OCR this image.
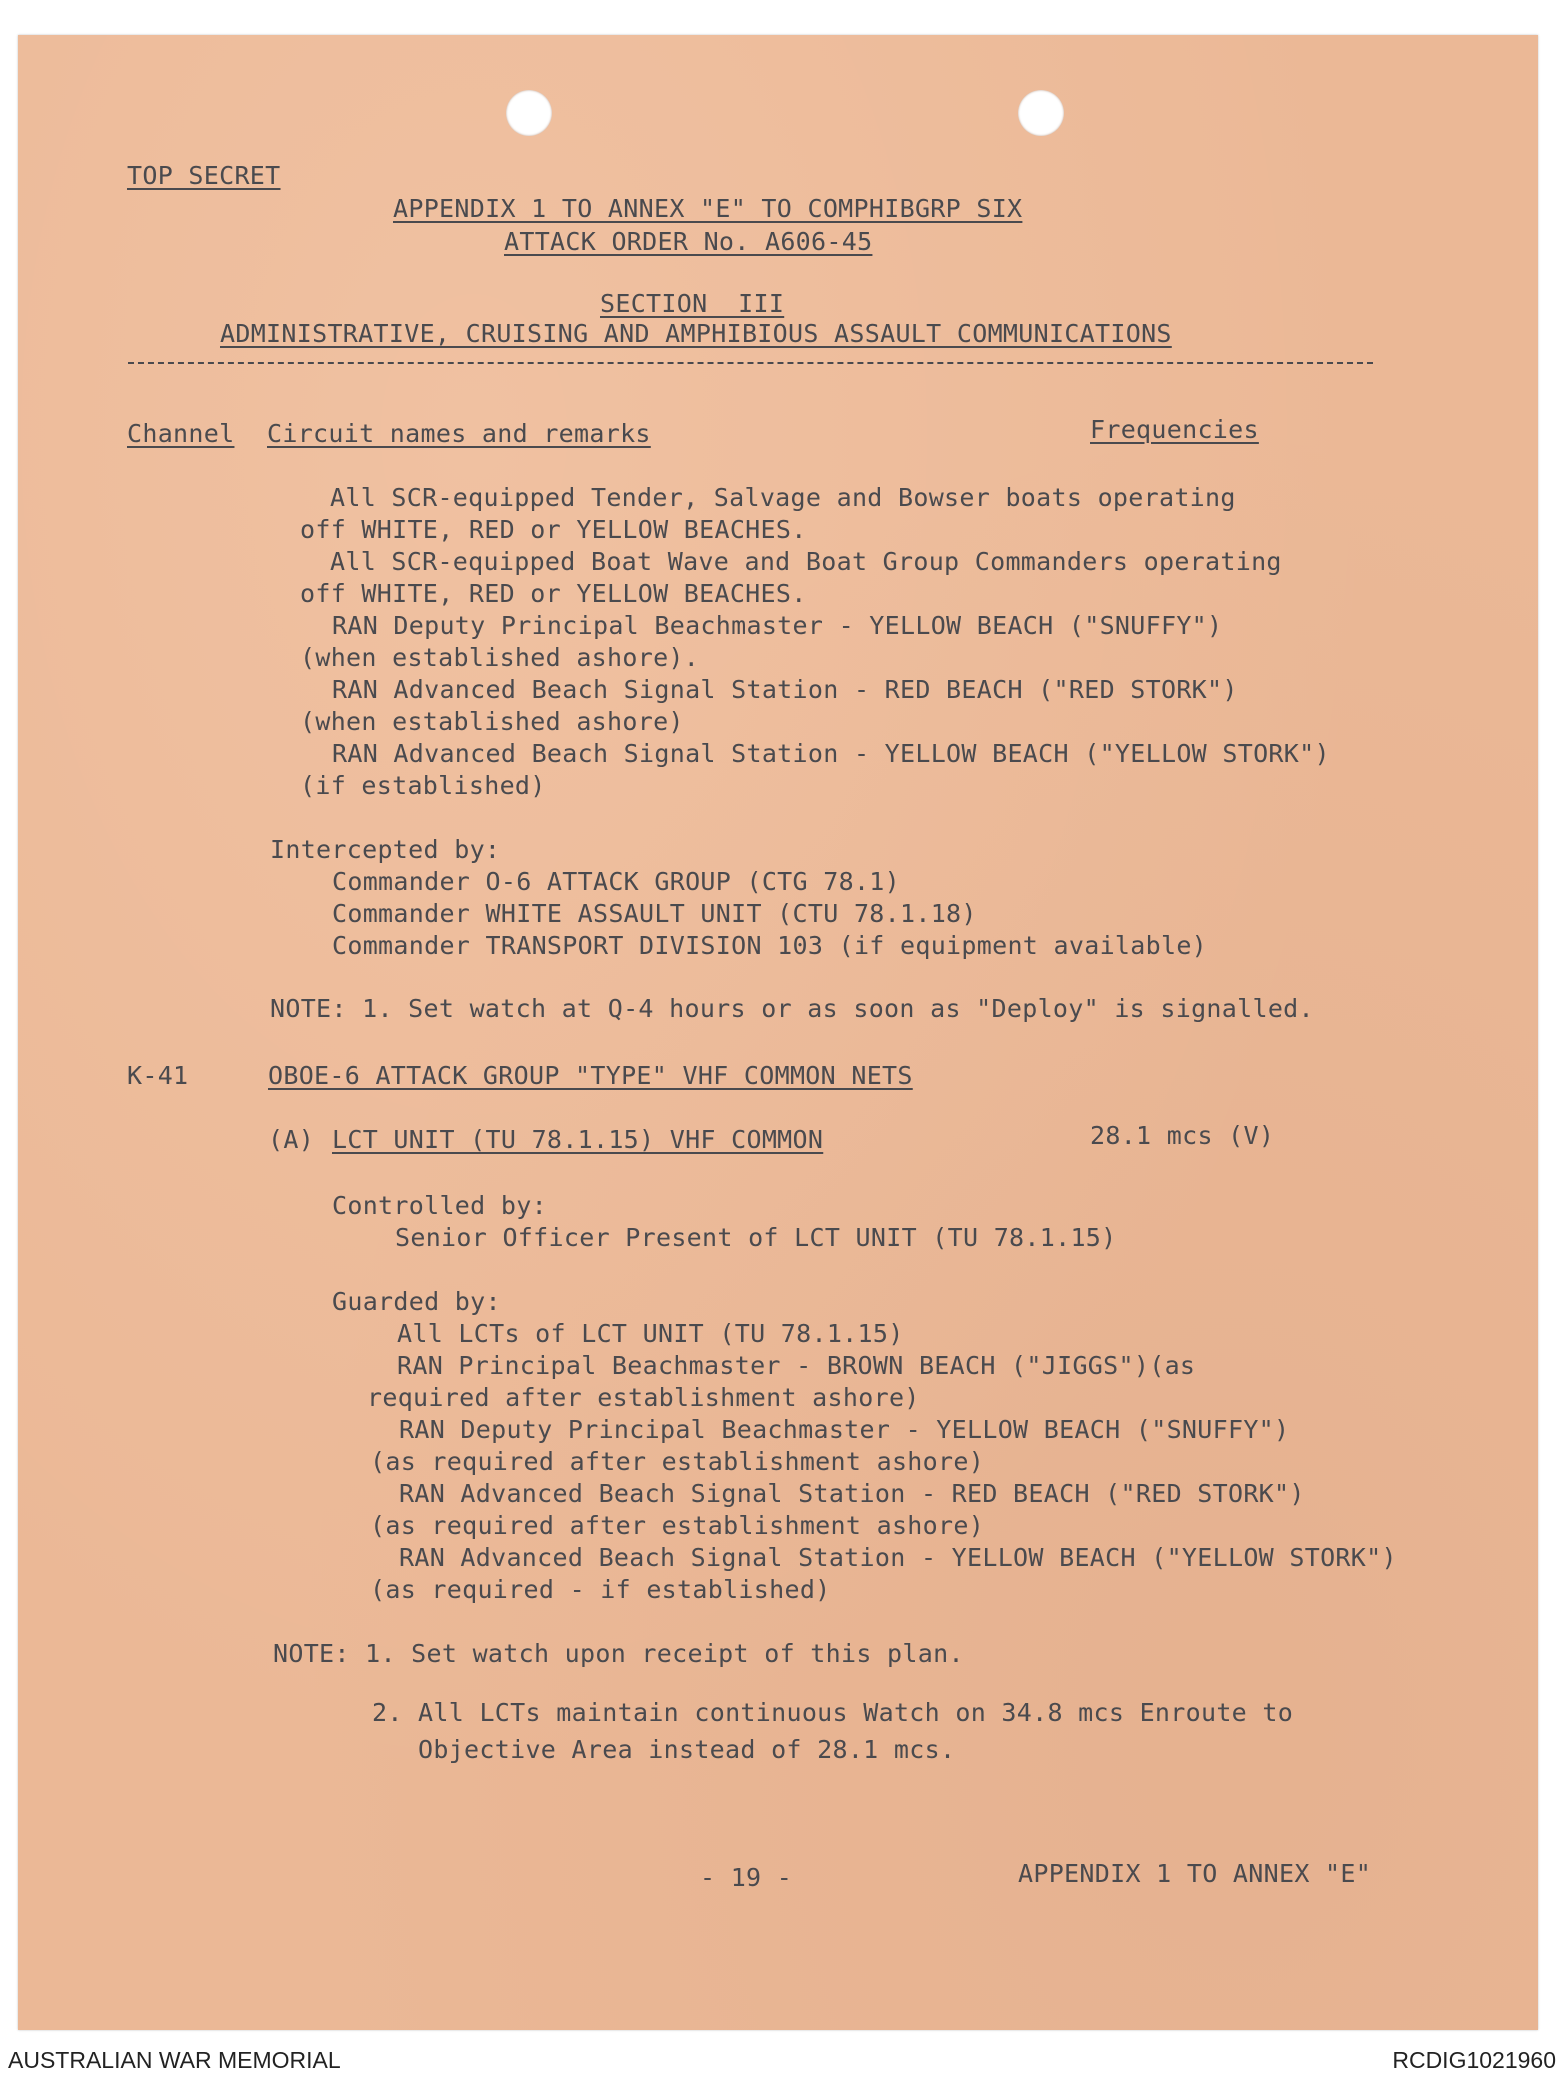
TOP SECRET
APPENDIX 1 TO ANNEX "E" TO COMPHIBGRP SIX
ATTACK ORDER No. A606-45
SECTION  III
ADMINISTRATIVE, CRUISING AND AMPHIBIOUS ASSAULT COMMUNICATIONS
Channel Circuit names and remarks	Frequencies
All SCR-equipped Tender, Salvage and Bowser boats operating
off WHITE, RED or YELLOW BEACHES.
All SCR-equipped Boat Wave and Boat Group Commanders operating
off WHITE, RED or YELLOW BEACHES.
RAN Deputy Principal Beachmaster - YELLOW BEACH ("SNUFFY")
(when established ashore).
RAN Advanced Beach Signal Station - RED BEACH ("RED STORK")
(when established ashore)
RAN Advanced Beach Signal Station - YELLOW BEACH ("YELLOW STORK")
(if established)
Intercepted by:
Commander O-6 ATTACK GROUP (CTG 78.1)
Commander WHITE ASSAULT UNIT (CTU 78.1.18)
Commander TRANSPORT DIVISION 103 (if equipment available)
NOTE: 1. Set watch at Q-4 hours or as soon as "Deploy" is signalled.
K-41	OBOE-6 ATTACK GROUP "TYPE" VHF COMMON NETS
(A) LCT UNIT (TU 78.1.15) VHF COMMON	28.1 mcs (V)
Controlled by:
Senior Officer Present of LCT UNIT (TU 78.1.15)
Guarded by:
All LCTs of LCT UNIT (TU 78.1.15)
RAN Principal Beachmaster - BROWN BEACH ("JIGGS")(as
required after establishment ashore)
RAN Deputy Principal Beachmaster - YELLOW BEACH ("SNUFFY")
(as required after establishment ashore)
RAN Advanced Beach Signal Station - RED BEACH ("RED STORK")
(as required after establishment ashore)
RAN Advanced Beach Signal Station - YELLOW BEACH ("YELLOW STORK")
(as required - if established)
NOTE: 1. Set watch upon receipt of this plan.
2. All LCTs maintain continuous Watch on 34.8 mcs Enroute to
Objective Area instead of 28.1 mcs.
- 19 -	APPENDIX 1 TO ANNEX "E"
AUSTRALIAN WAR MEMORIAL	RCDIG1021960
